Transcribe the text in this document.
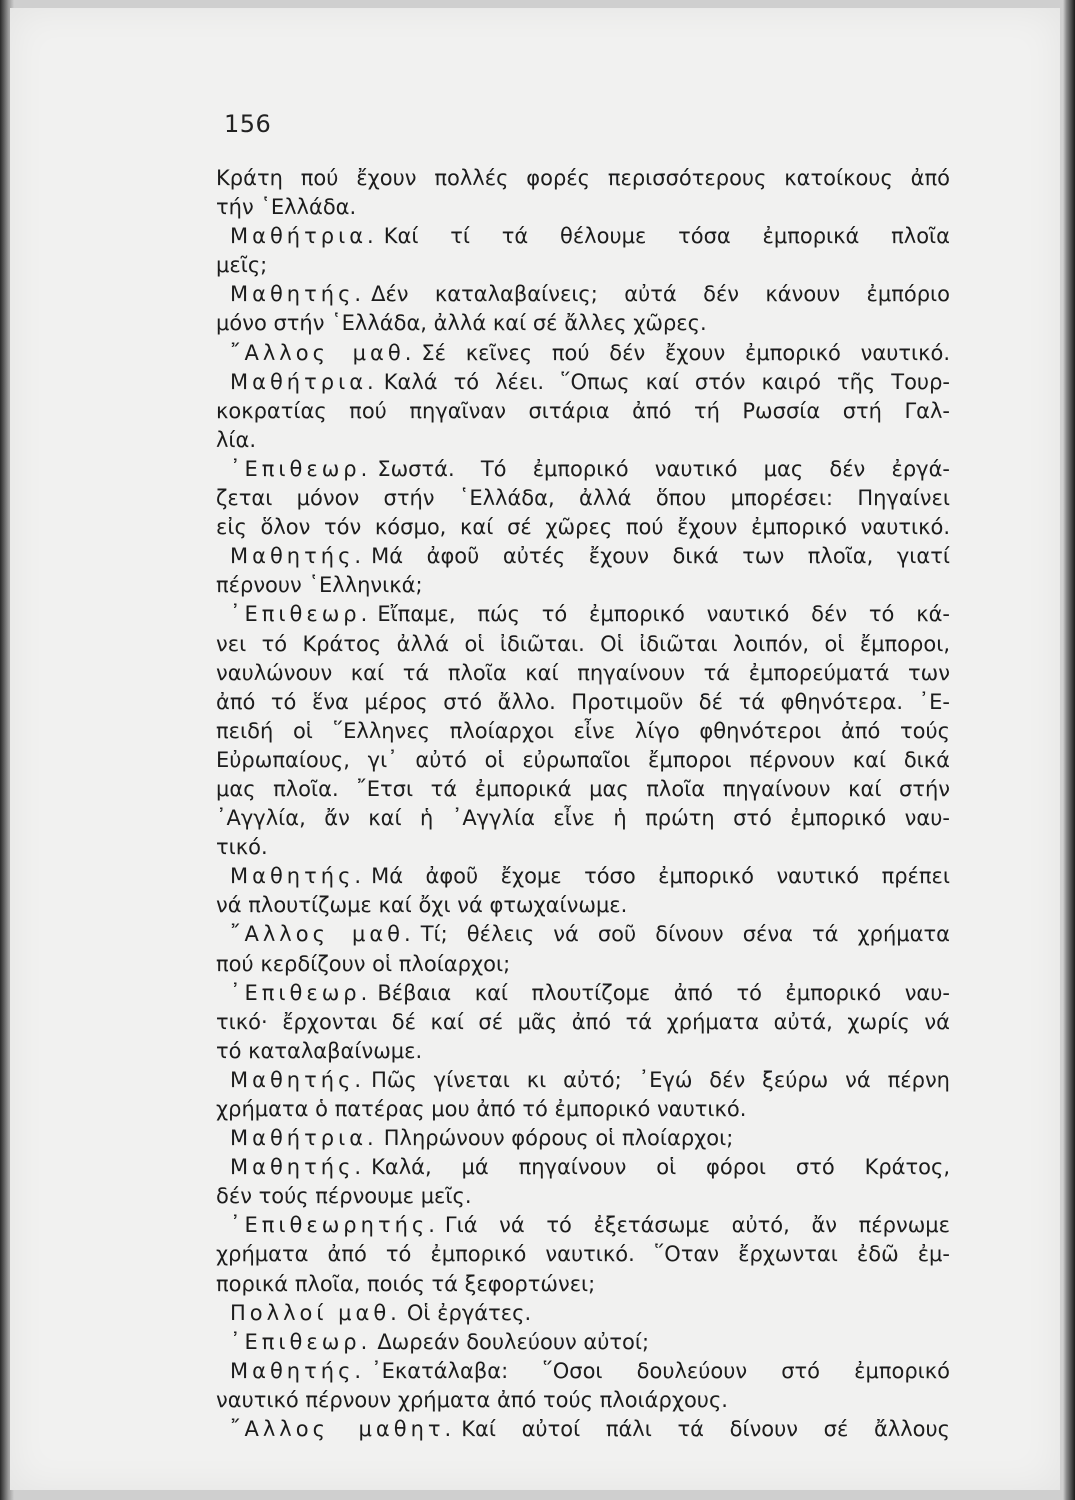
156
Κράτη πού ἔχουν πολλές φορές περισσότερους κατοίκους ἀπό
τήν ῾Ελλάδα.
Μαθήτρια. Καί τί τά θέλουμε τόσα ἐμπορικά πλοῖα
μεῖς;
Μαθητής. Δέν καταλαβαίνεις; αὐτά δέν κάνουν ἐμπόριο
μόνο στήν ῾Ελλάδα, ἀλλά καί σέ ἄλλες χῶρες.
῎Αλλος μαθ. Σέ κεῖνες πού δέν ἔχουν ἐμπορικό ναυτικό.
Μαθήτρια. Καλά τό λέει. ῞Οπως καί στόν καιρό τῆς Τουρ-
κοκρατίας πού πηγαῖναν σιτάρια ἀπό τή Ρωσσία στή Γαλ-
λία.
᾽Επιθεωρ. Σωστά. Τό ἐμπορικό ναυτικό μας δέν ἐργά-
ζεται μόνον στήν ῾Ελλάδα, ἀλλά ὅπου μπορέσει: Πηγαίνει
εἰς ὅλον τόν κόσμο, καί σέ χῶρες πού ἔχουν ἐμπορικό ναυτικό.
Μαθητής. Μά ἀφοῦ αὐτές ἔχουν δικά των πλοῖα, γιατί
πέρνουν ῾Ελληνικά;
᾽Επιθεωρ. Εἴπαμε, πώς τό ἐμπορικό ναυτικό δέν τό κά-
νει τό Κράτος ἀλλά οἱ ἰδιῶται. Οἱ ἰδιῶται λοιπόν, οἱ ἔμποροι,
ναυλώνουν καί τά πλοῖα καί πηγαίνουν τά ἐμπορεύματά των
ἀπό τό ἕνα μέρος στό ἄλλο. Προτιμοῦν δέ τά φθηνότερα. ᾽Ε-
πειδή οἱ ῞Ελληνες πλοίαρχοι εἶνε λίγο φθηνότεροι ἀπό τούς
Εὐρωπαίους, γι᾽ αὐτό οἱ εὐρωπαῖοι ἔμποροι πέρνουν καί δικά
μας πλοῖα. ῎Ετσι τά ἐμπορικά μας πλοῖα πηγαίνουν καί στήν
᾽Αγγλία, ἄν καί ἡ ᾽Αγγλία εἶνε ἡ πρώτη στό ἐμπορικό ναυ-
τικό.
Μαθητής. Μά ἀφοῦ ἔχομε τόσο ἐμπορικό ναυτικό πρέπει
νά πλουτίζωμε καί ὄχι νά φτωχαίνωμε.
῎Αλλος μαθ. Τί; θέλεις νά σοῦ δίνουν σένα τά χρήματα
πού κερδίζουν οἱ πλοίαρχοι;
᾽Επιθεωρ. Βέβαια καί πλουτίζομε ἀπό τό ἐμπορικό ναυ-
τικό· ἔρχονται δέ καί σέ μᾶς ἀπό τά χρήματα αὐτά, χωρίς νά
τό καταλαβαίνωμε.
Μαθητής. Πῶς γίνεται κι αὐτό; ᾽Εγώ δέν ξεύρω νά πέρνη
χρήματα ὁ πατέρας μου ἀπό τό ἐμπορικό ναυτικό.
Μαθήτρια. Πληρώνουν φόρους οἱ πλοίαρχοι;
Μαθητής. Καλά, μά πηγαίνουν οἱ φόροι στό Κράτος,
δέν τούς πέρνουμε μεῖς.
᾽Επιθεωρητής. Γιά νά τό ἐξετάσωμε αὐτό, ἄν πέρνωμε
χρήματα ἀπό τό ἐμπορικό ναυτικό. ῞Οταν ἔρχωνται ἐδῶ ἐμ-
πορικά πλοῖα, ποιός τά ξεφορτώνει;
Πολλοί μαθ. Οἱ ἐργάτες.
᾽Επιθεωρ. Δωρεάν δουλεύουν αὐτοί;
Μαθητής. ᾽Εκατάλαβα: ῞Οσοι δουλεύουν στό ἐμπορικό
ναυτικό πέρνουν χρήματα ἀπό τούς πλοιάρχους.
῎Αλλος μαθητ. Καί αὐτοί πάλι τά δίνουν σέ ἄλλους
